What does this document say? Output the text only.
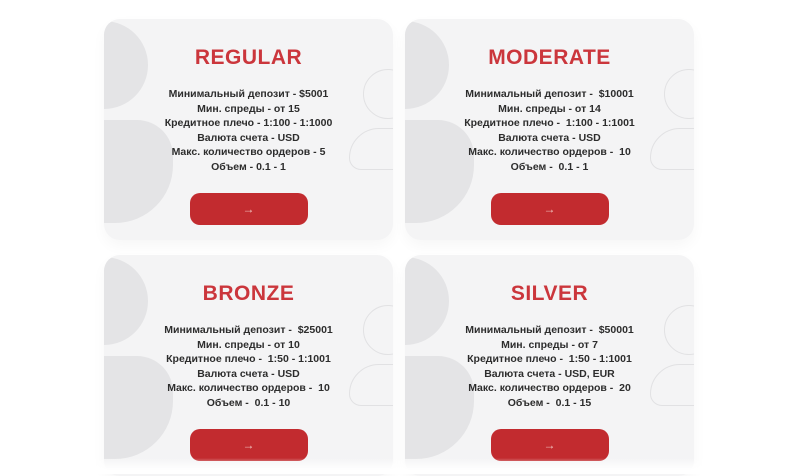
REGULAR
Минимальный депозит - $5001
Мин. спреды - от 15
Кредитное плечо - 1:100 - 1:1000
Валюта счета - USD
Макс. количество ордеров - 5
Объем - 0.1 - 1
→
MODERATE
Минимальный депозит -  $10001
Мин. спреды - от 14
Кредитное плечо -  1:100 - 1:1001
Валюта счета - USD
Макс. количество ордеров -  10
Объем -  0.1 - 1
→
BRONZE
Минимальный депозит -  $25001
Мин. спреды - от 10
Кредитное плечо -  1:50 - 1:1001
Валюта счета - USD
Макс. количество ордеров -  10
Объем -  0.1 - 10
→
SILVER
Минимальный депозит -  $50001
Мин. спреды - от 7
Кредитное плечо -  1:50 - 1:1001
Валюта счета - USD, EUR
Макс. количество ордеров -  20
Объем -  0.1 - 15
→
